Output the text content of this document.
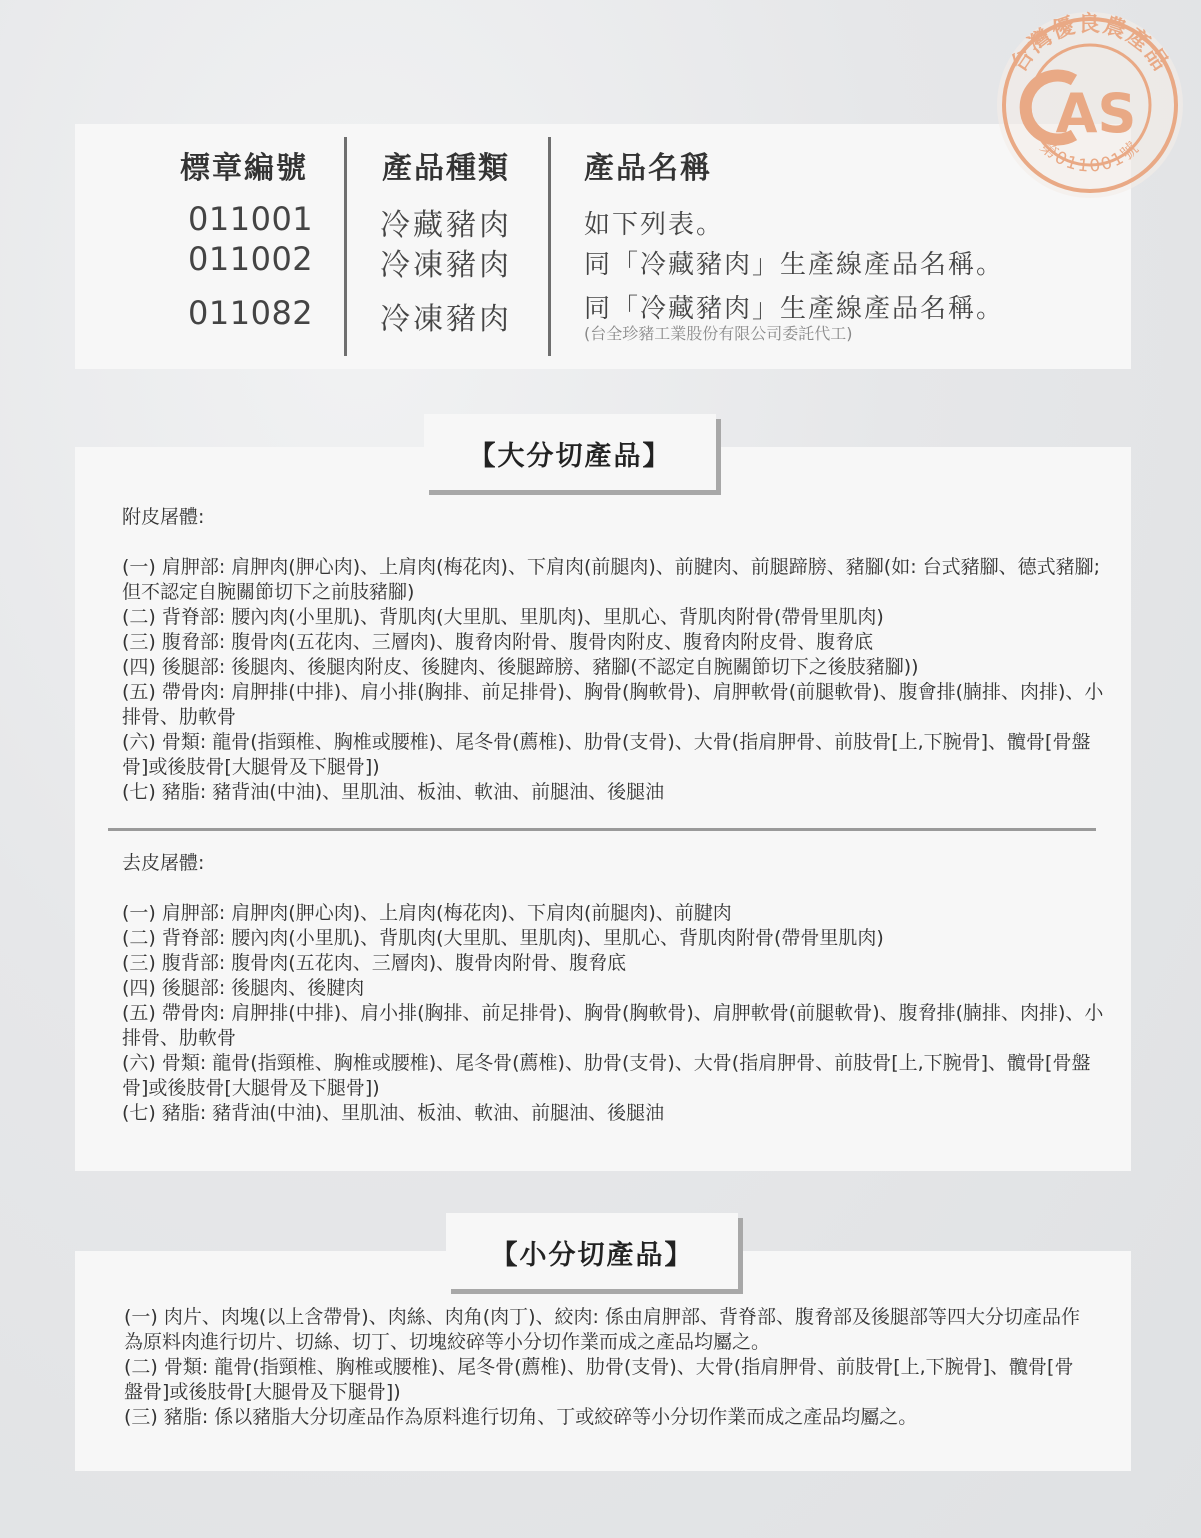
標章編號 產品種類 產品名稱
011001
011002
011082
冷藏豬肉
冷凍豬肉
冷凍豬肉
如下列表。
同「冷藏豬肉」生產線產品名稱。
同「冷藏豬肉」生產線產品名稱。
(台全珍豬工業股份有限公司委託代工)
台灣優良農產品
第011001號
AS
【大分切產品】
附皮屠體:
(一) 肩胛部: 肩胛肉(胛心肉)、上肩肉(梅花肉)、下肩肉(前腿肉)、前腱肉、前腿蹄膀、豬腳(如: 台式豬腳、德式豬腳; 但不認定自腕關節切下之前肢豬腳)
(二) 背脊部: 腰內肉(小里肌)、背肌肉(大里肌、里肌肉)、里肌心、背肌肉附骨(帶骨里肌肉)
(三) 腹脅部: 腹骨肉(五花肉、三層肉)、腹脅肉附骨、腹骨肉附皮、腹脅肉附皮骨、腹脅底
(四) 後腿部: 後腿肉、後腿肉附皮、後腱肉、後腿蹄膀、豬腳(不認定自腕關節切下之後肢豬腳))
(五) 帶骨肉: 肩胛排(中排)、肩小排(胸排、前足排骨)、胸骨(胸軟骨)、肩胛軟骨(前腿軟骨)、腹會排(腩排、肉排)、小排骨、肋軟骨
(六) 骨類: 龍骨(指頸椎、胸椎或腰椎)、尾冬骨(薦椎)、肋骨(支骨)、大骨(指肩胛骨、前肢骨[上,下腕骨]、髖骨[骨盤骨]或後肢骨[大腿骨及下腿骨])
(七) 豬脂: 豬背油(中油)、里肌油、板油、軟油、前腿油、後腿油
去皮屠體:
(一) 肩胛部: 肩胛肉(胛心肉)、上肩肉(梅花肉)、下肩肉(前腿肉)、前腱肉
(二) 背脊部: 腰內肉(小里肌)、背肌肉(大里肌、里肌肉)、里肌心、背肌肉附骨(帶骨里肌肉)
(三) 腹背部: 腹骨肉(五花肉、三層肉)、腹骨肉附骨、腹脅底
(四) 後腿部: 後腿肉、後腱肉
(五) 帶骨肉: 肩胛排(中排)、肩小排(胸排、前足排骨)、胸骨(胸軟骨)、肩胛軟骨(前腿軟骨)、腹脅排(腩排、肉排)、小排骨、肋軟骨
(六) 骨類: 龍骨(指頸椎、胸椎或腰椎)、尾冬骨(薦椎)、肋骨(支骨)、大骨(指肩胛骨、前肢骨[上,下腕骨]、髖骨[骨盤骨]或後肢骨[大腿骨及下腿骨])
(七) 豬脂: 豬背油(中油)、里肌油、板油、軟油、前腿油、後腿油
【小分切產品】
(一) 肉片、肉塊(以上含帶骨)、肉絲、肉角(肉丁)、絞肉: 係由肩胛部、背脊部、腹脅部及後腿部等四大分切產品作為原料肉進行切片、切絲、切丁、切塊絞碎等小分切作業而成之產品均屬之。
(二) 骨類: 龍骨(指頸椎、胸椎或腰椎)、尾冬骨(薦椎)、肋骨(支骨)、大骨(指肩胛骨、前肢骨[上,下腕骨]、髖骨[骨盤骨]或後肢骨[大腿骨及下腿骨])
(三) 豬脂: 係以豬脂大分切產品作為原料進行切角、丁或絞碎等小分切作業而成之產品均屬之。
